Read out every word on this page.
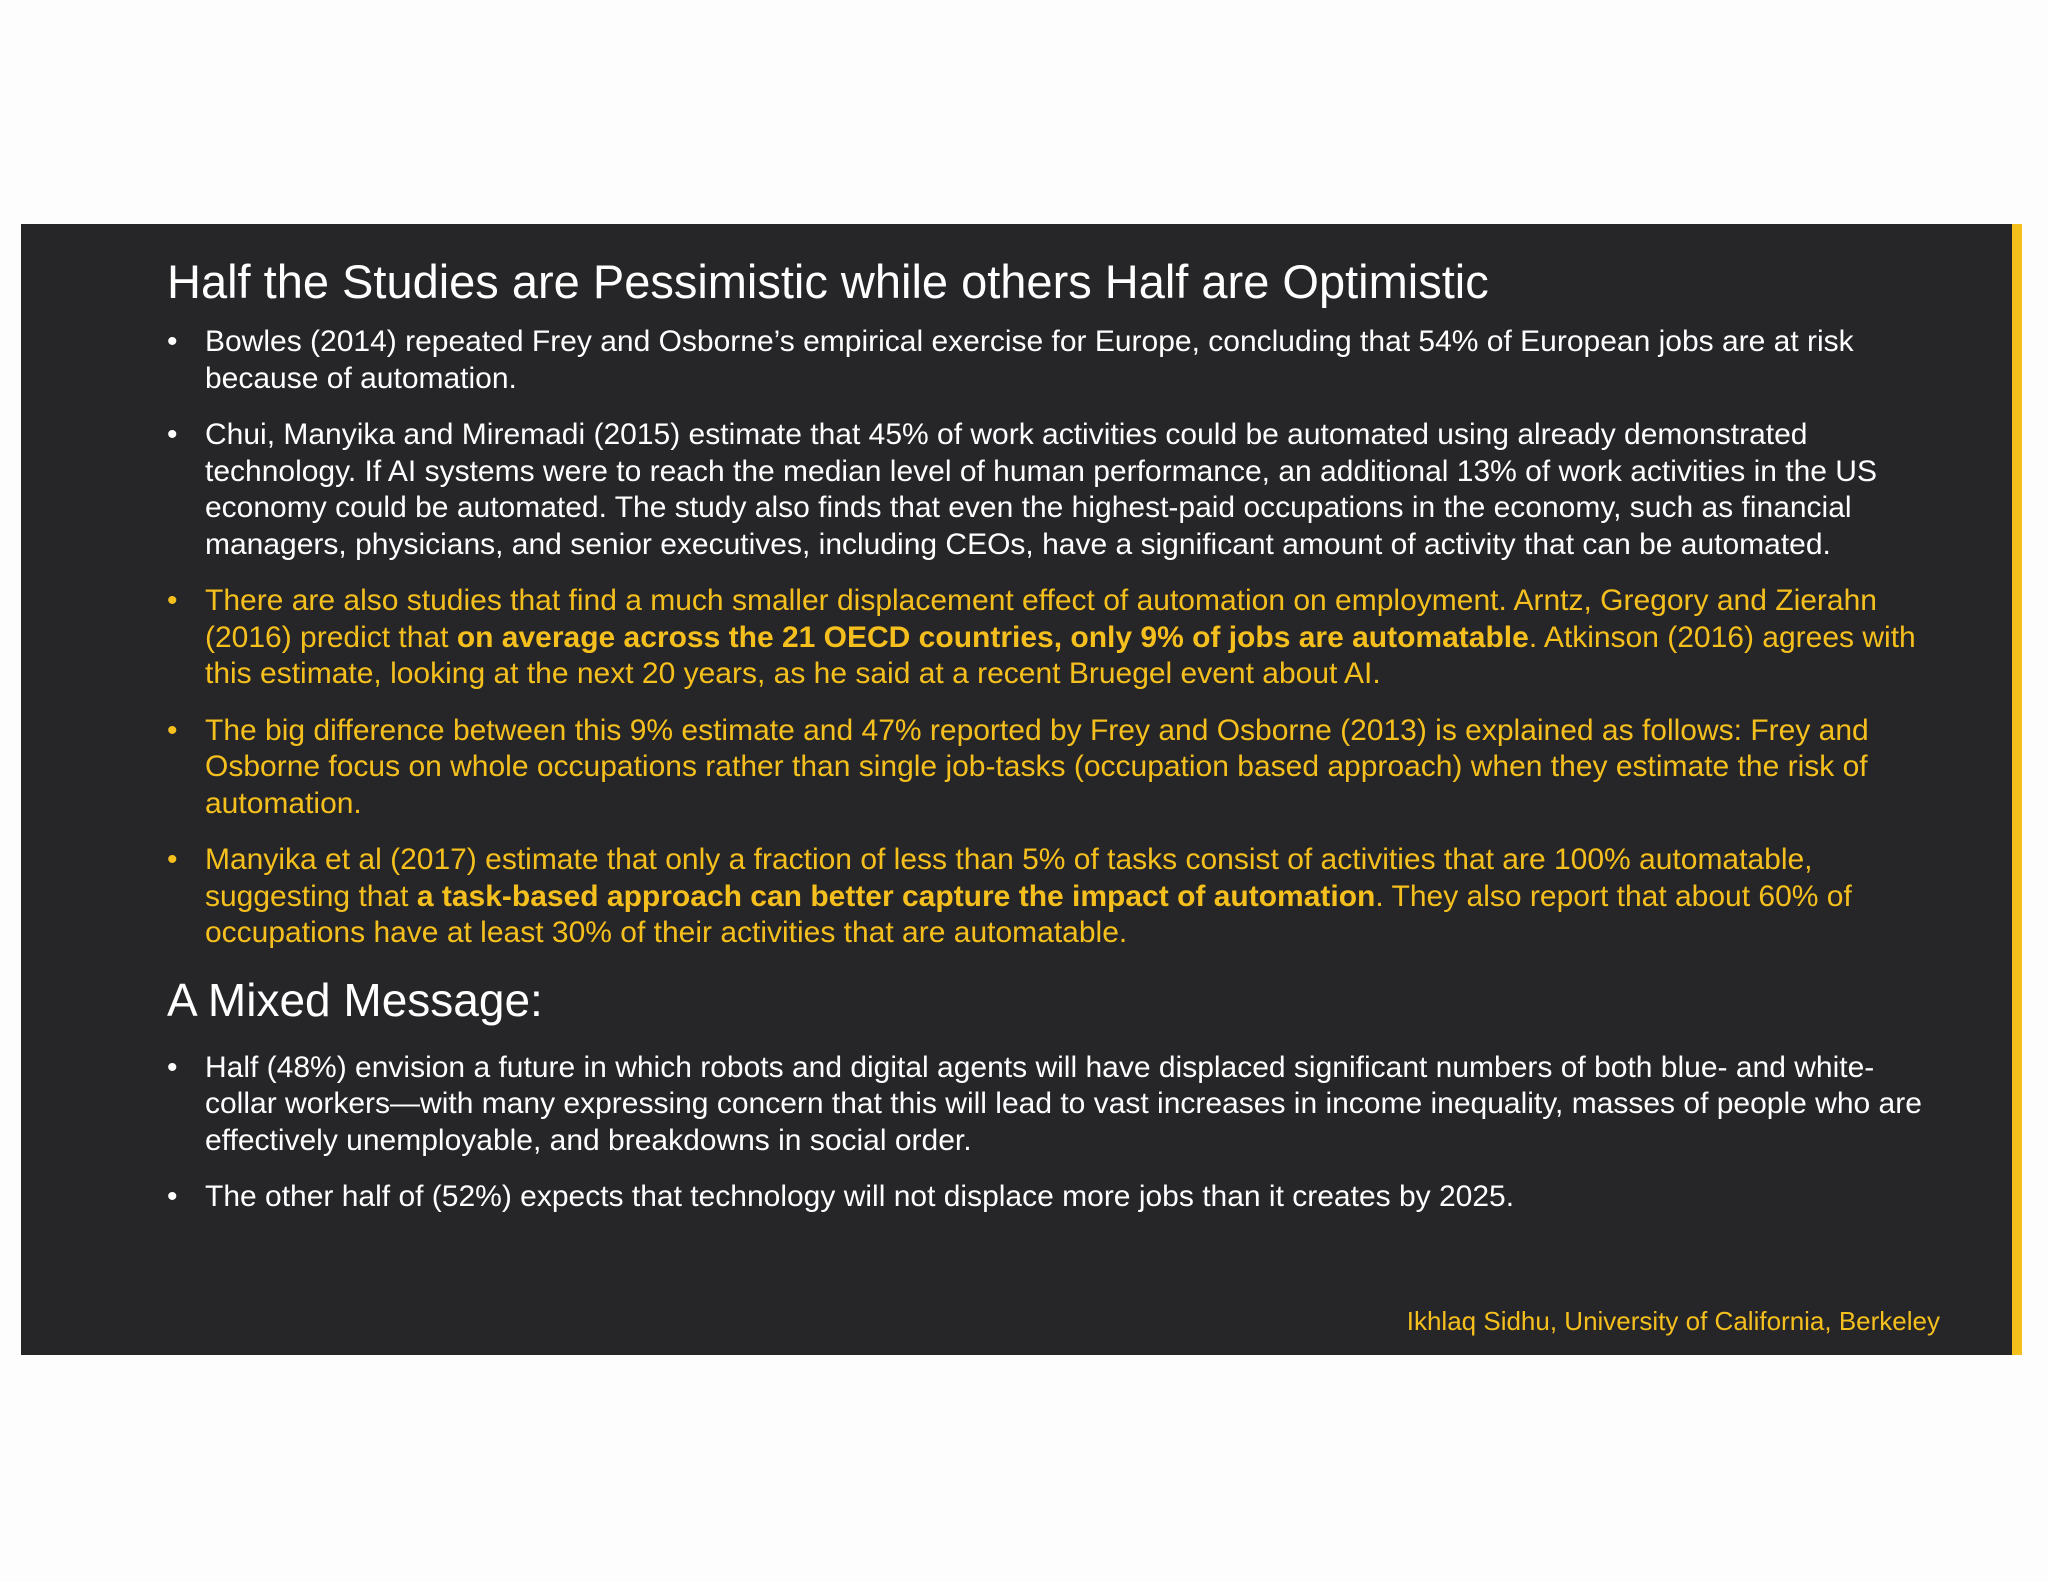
Half the Studies are Pessimistic while others Half are Optimistic
• Bowles (2014) repeated Frey and Osborne’s empirical exercise for Europe, concluding that 54% of European jobs are at risk because of automation.
• Chui, Manyika and Miremadi (2015) estimate that 45% of work activities could be automated using already demonstrated technology. If AI systems were to reach the median level of human performance, an additional 13% of work activities in the US economy could be automated. The study also finds that even the highest-paid occupations in the economy, such as financial managers, physicians, and senior executives, including CEOs, have a significant amount of activity that can be automated.
• There are also studies that find a much smaller displacement effect of automation on employment. Arntz, Gregory and Zierahn (2016) predict that on average across the 21 OECD countries, only 9% of jobs are automatable. Atkinson (2016) agrees with this estimate, looking at the next 20 years, as he said at a recent Bruegel event about AI.
• The big difference between this 9% estimate and 47% reported by Frey and Osborne (2013) is explained as follows: Frey and Osborne focus on whole occupations rather than single job-tasks (occupation based approach) when they estimate the risk of automation.
• Manyika et al (2017) estimate that only a fraction of less than 5% of tasks consist of activities that are 100% automatable, suggesting that a task-based approach can better capture the impact of automation. They also report that about 60% of occupations have at least 30% of their activities that are automatable.
A Mixed Message:
• Half (48%) envision a future in which robots and digital agents will have displaced significant numbers of both blue- and white-collar workers—with many expressing concern that this will lead to vast increases in income inequality, masses of people who are effectively unemployable, and breakdowns in social order.
• The other half of (52%) expects that technology will not displace more jobs than it creates by 2025.
Ikhlaq Sidhu, University of California, Berkeley
